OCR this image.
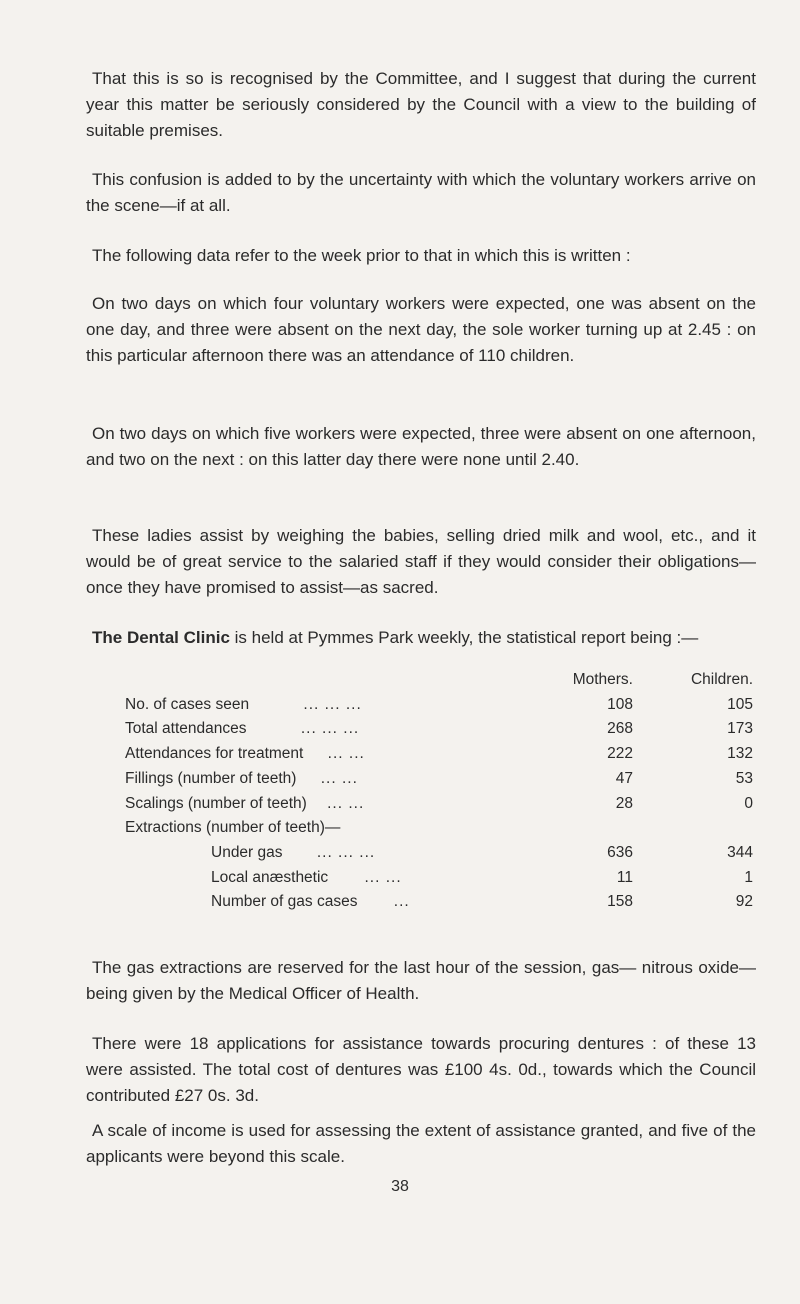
That this is so is recognised by the Committee, and I suggest that during the current year this matter be seriously considered by the Council with a view to the building of suitable premises.

This confusion is added to by the uncertainty with which the voluntary workers arrive on the scene—if at all.

The following data refer to the week prior to that in which this is written :

On two days on which four voluntary workers were expected, one was absent on the one day, and three were absent on the next day, the sole worker turning up at 2.45 : on this particular afternoon there was an attendance of 110 children.

On two days on which five workers were expected, three were absent on one afternoon, and two on the next : on this latter day there were none until 2.40.

These ladies assist by weighing the babies, selling dried milk and wool, etc., and it would be of great service to the salaried staff if they would consider their obligations—once they have promised to assist—as sacred.

The Dental Clinic is held at Pymmes Park weekly, the statistical report being :—

	Mothers.	Children.
No. of cases seen ... ... ...	108	105
Total attendances ... ... ...	268	173
Attendances for treatment ... ...	222	132
Fillings (number of teeth) ... ...	47	53
Scalings (number of teeth) ... ...	28	0
Extractions (number of teeth)—		
Under gas ... ... ...	636	344
Local anæsthetic ... ...	11	1
Number of gas cases ...	158	92

The gas extractions are reserved for the last hour of the session, gas— nitrous oxide—being given by the Medical Officer of Health.

There were 18 applications for assistance towards procuring dentures : of these 13 were assisted. The total cost of dentures was £100 4s. 0d., towards which the Council contributed £27 0s. 3d.

A scale of income is used for assessing the extent of assistance granted, and five of the applicants were beyond this scale.

38
